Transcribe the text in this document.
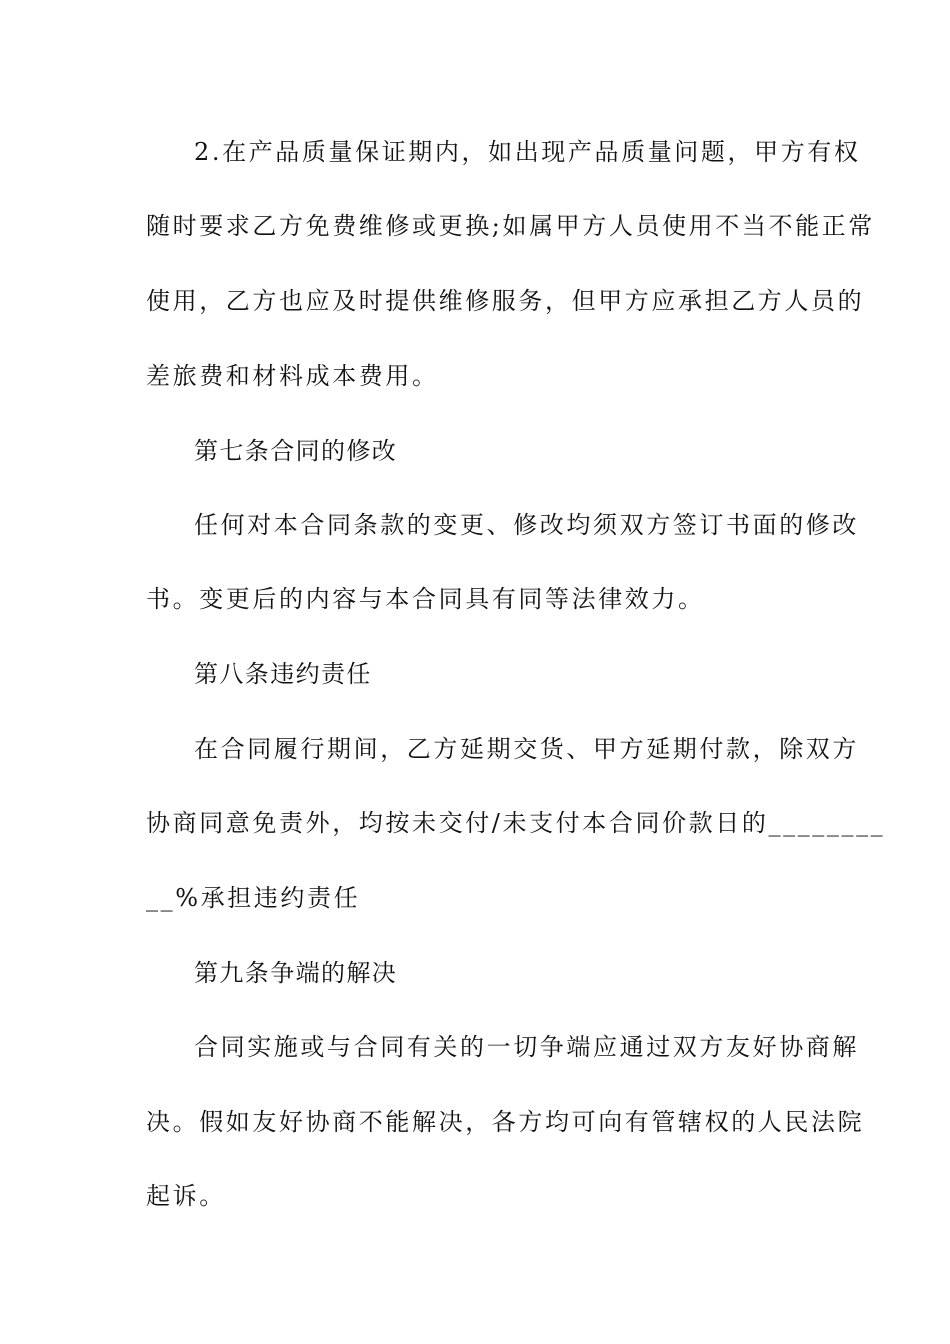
2.在产品质量保证期内，如出现产品质量问题，甲方有权
随时要求乙方免费维修或更换;如属甲方人员使用不当不能正常
使用，乙方也应及时提供维修服务，但甲方应承担乙方人员的
差旅费和材料成本费用。
第七条合同的修改
任何对本合同条款的变更、修改均须双方签订书面的修改
书。变更后的内容与本合同具有同等法律效力。
第八条违约责任
在合同履行期间，乙方延期交货、甲方延期付款，除双方
协商同意免责外，均按未交付/未支付本合同价款日的________
__%承担违约责任
第九条争端的解决
合同实施或与合同有关的一切争端应通过双方友好协商解
决。假如友好协商不能解决，各方均可向有管辖权的人民法院
起诉。
